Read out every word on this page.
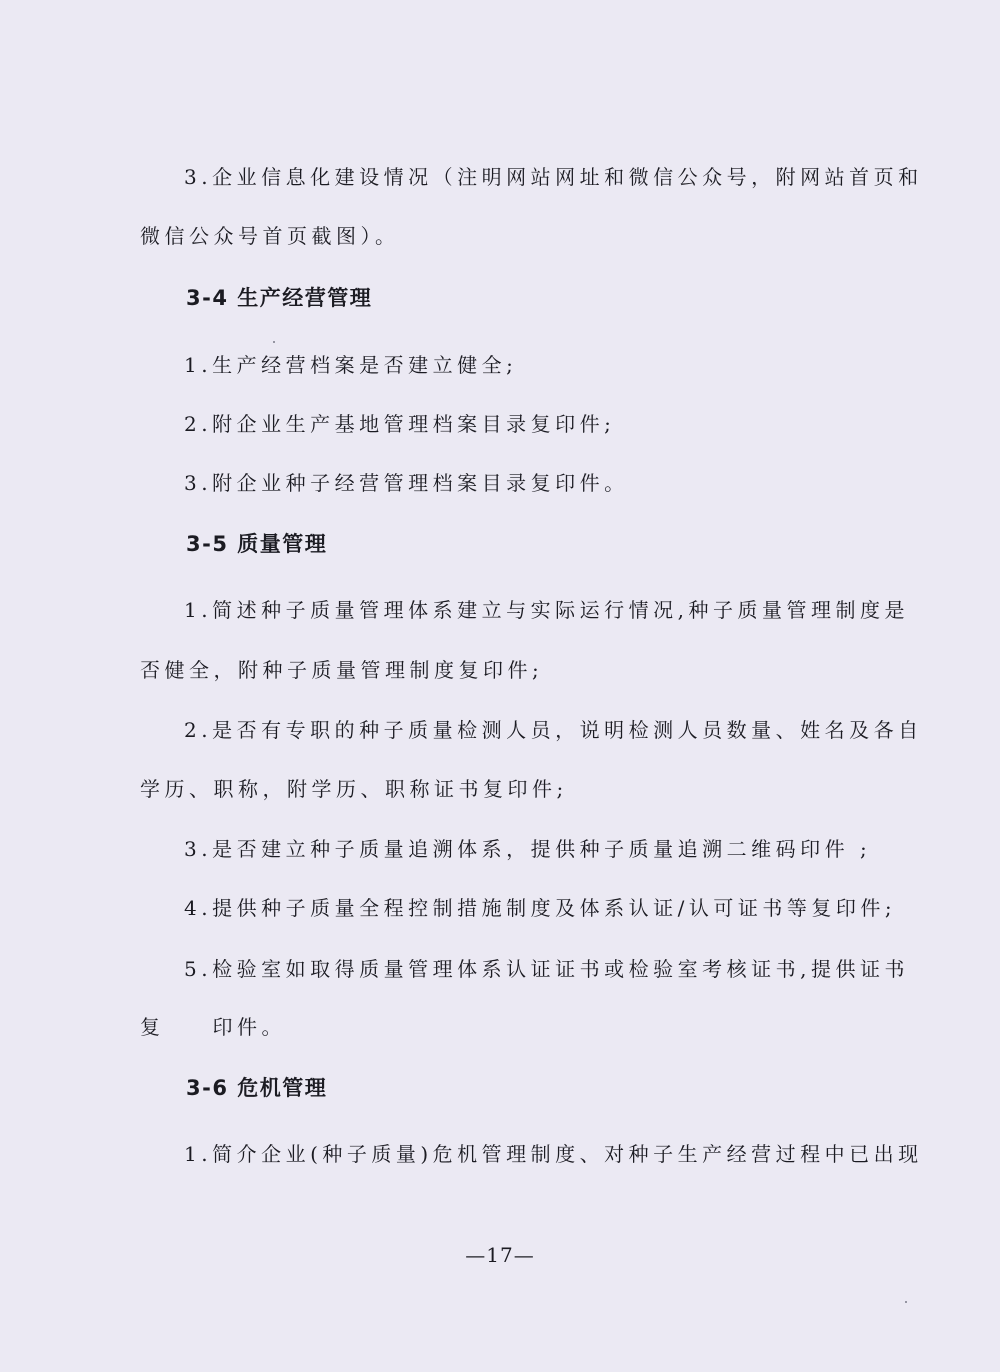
3.企业信息化建设情况（注明网站网址和微信公众号，附网站首页和
微信公众号首页截图）。
3-4 生产经营管理
1.生产经营档案是否建立健全;
2.附企业生产基地管理档案目录复印件;
3.附企业种子经营管理档案目录复印件。
3-5 质量管理
1.简述种子质量管理体系建立与实际运行情况,种子质量管理制度是
否健全，附种子质量管理制度复印件;
2.是否有专职的种子质量检测人员，说明检测人员数量、姓名及各自
学历、职称，附学历、职称证书复印件;
3.是否建立种子质量追溯体系，提供种子质量追溯二维码印件 ;
4.提供种子质量全程控制措施制度及体系认证/认可证书等复印件;
5.检验室如取得质量管理体系认证证书或检验室考核证书,提供证书
复 印件。
3-6 危机管理
1.简介企业(种子质量)危机管理制度、对种子生产经营过程中已出现
—17—
